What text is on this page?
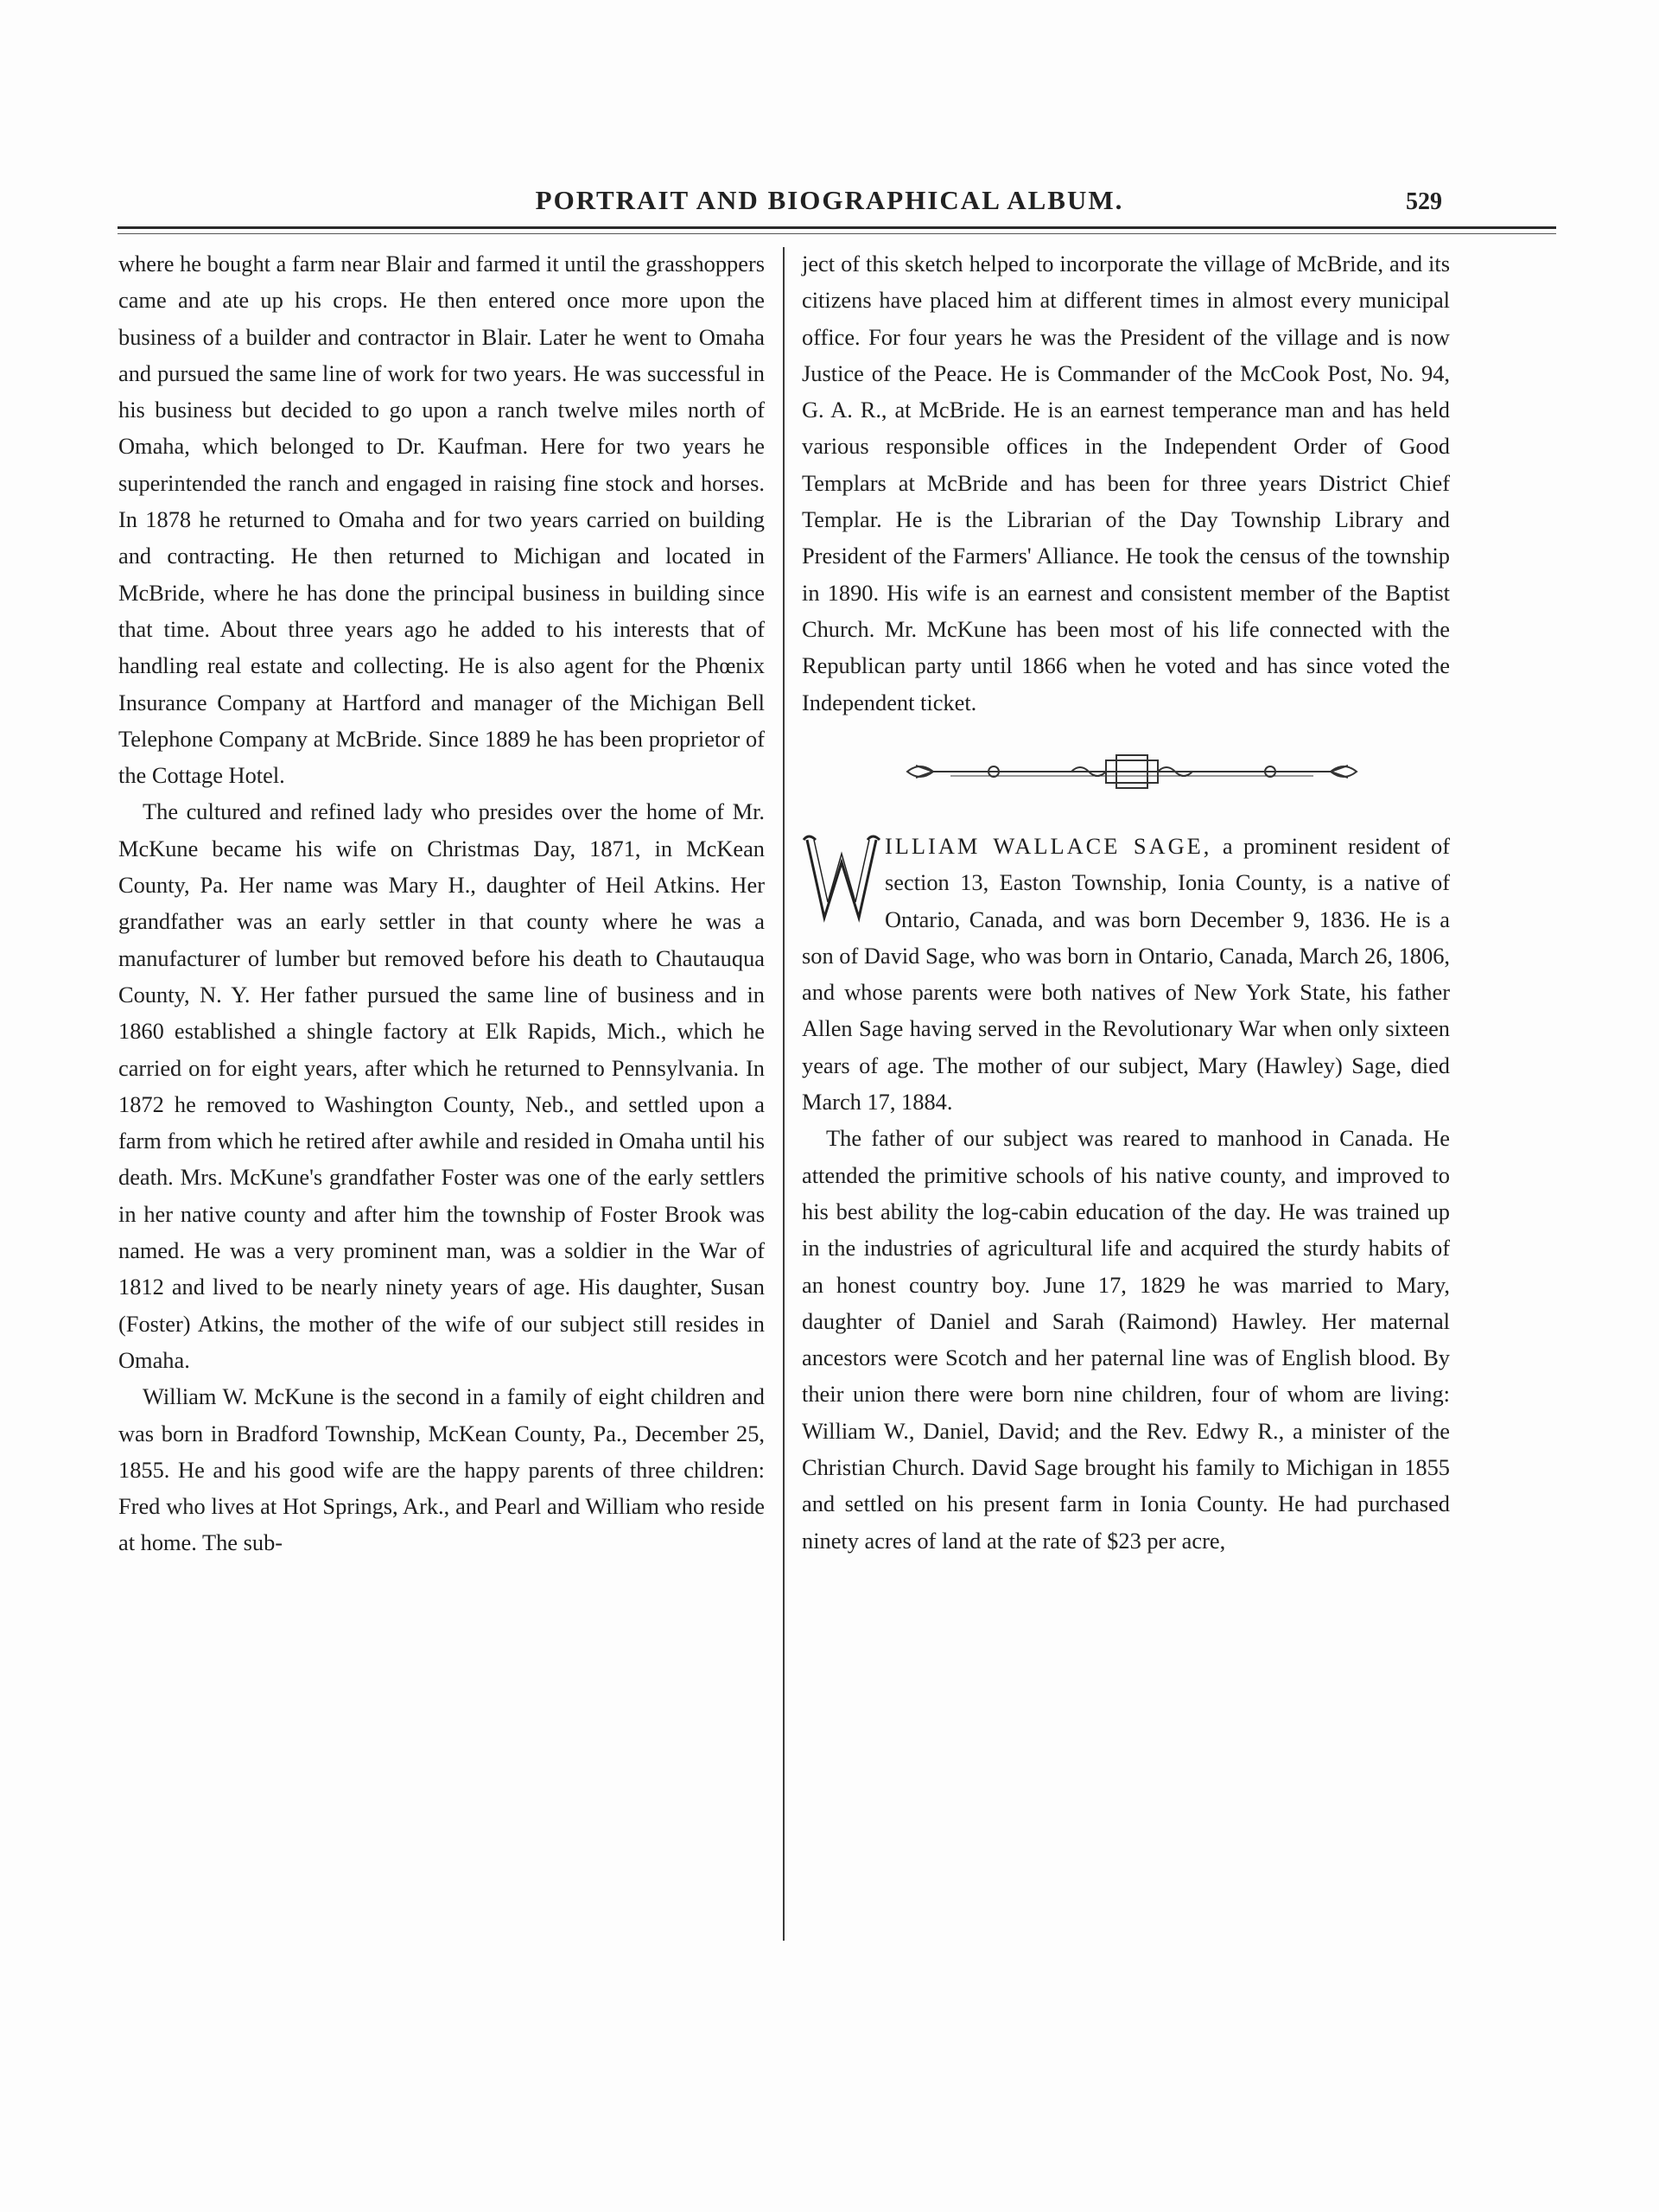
PORTRAIT AND BIOGRAPHICAL ALBUM.	529

where he bought a farm near Blair and farmed it until the grasshoppers came and ate up his crops. He then entered once more upon the business of a builder and contractor in Blair. Later he went to Omaha and pursued the same line of work for two years. He was successful in his business but decided to go upon a ranch twelve miles north of Omaha, which belonged to Dr. Kaufman. Here for two years he superintended the ranch and engaged in raising fine stock and horses. In 1878 he returned to Omaha and for two years carried on building and contracting. He then returned to Michigan and located in McBride, where he has done the principal business in building since that time. About three years ago he added to his interests that of handling real estate and collecting. He is also agent for the Phœnix Insurance Company at Hartford and manager of the Michigan Bell Telephone Company at McBride. Since 1889 he has been proprietor of the Cottage Hotel.

The cultured and refined lady who presides over the home of Mr. McKune became his wife on Christmas Day, 1871, in McKean County, Pa. Her name was Mary H., daughter of Heil Atkins. Her grandfather was an early settler in that county where he was a manufacturer of lumber but removed before his death to Chautauqua County, N. Y. Her father pursued the same line of business and in 1860 established a shingle factory at Elk Rapids, Mich., which he carried on for eight years, after which he returned to Pennsylvania. In 1872 he removed to Washington County, Neb., and settled upon a farm from which he retired after awhile and resided in Omaha until his death. Mrs. McKune's grandfather Foster was one of the early settlers in her native county and after him the township of Foster Brook was named. He was a very prominent man, was a soldier in the War of 1812 and lived to be nearly ninety years of age. His daughter, Susan (Foster) Atkins, the mother of the wife of our subject still resides in Omaha.

William W. McKune is the second in a family of eight children and was born in Bradford Township, McKean County, Pa., December 25, 1855. He and his good wife are the happy parents of three children: Fred who lives at Hot Springs, Ark., and Pearl and William who reside at home. The sub-

ject of this sketch helped to incorporate the village of McBride, and its citizens have placed him at different times in almost every municipal office. For four years he was the President of the village and is now Justice of the Peace. He is Commander of the McCook Post, No. 94, G. A. R., at McBride. He is an earnest temperance man and has held various responsible offices in the Independent Order of Good Templars at McBride and has been for three years District Chief Templar. He is the Librarian of the Day Township Library and President of the Farmers' Alliance. He took the census of the township in 1890. His wife is an earnest and consistent member of the Baptist Church. Mr. McKune has been most of his life connected with the Republican party until 1866 when he voted and has since voted the Independent ticket.

ILLIAM WALLACE SAGE, a prominent resident of section 13, Easton Township, Ionia County, is a native of Ontario, Canada, and was born December 9, 1836. He is a son of David Sage, who was born in Ontario, Canada, March 26, 1806, and whose parents were both natives of New York State, his father Allen Sage having served in the Revolutionary War when only sixteen years of age. The mother of our subject, Mary (Hawley) Sage, died March 17, 1884.

The father of our subject was reared to manhood in Canada. He attended the primitive schools of his native county, and improved to his best ability the log-cabin education of the day. He was trained up in the industries of agricultural life and acquired the sturdy habits of an honest country boy. June 17, 1829 he was married to Mary, daughter of Daniel and Sarah (Raimond) Hawley. Her maternal ancestors were Scotch and her paternal line was of English blood. By their union there were born nine children, four of whom are living: William W., Daniel, David; and the Rev. Edwy R., a minister of the Christian Church. David Sage brought his family to Michigan in 1855 and settled on his present farm in Ionia County. He had purchased ninety acres of land at the rate of $23 per acre,
